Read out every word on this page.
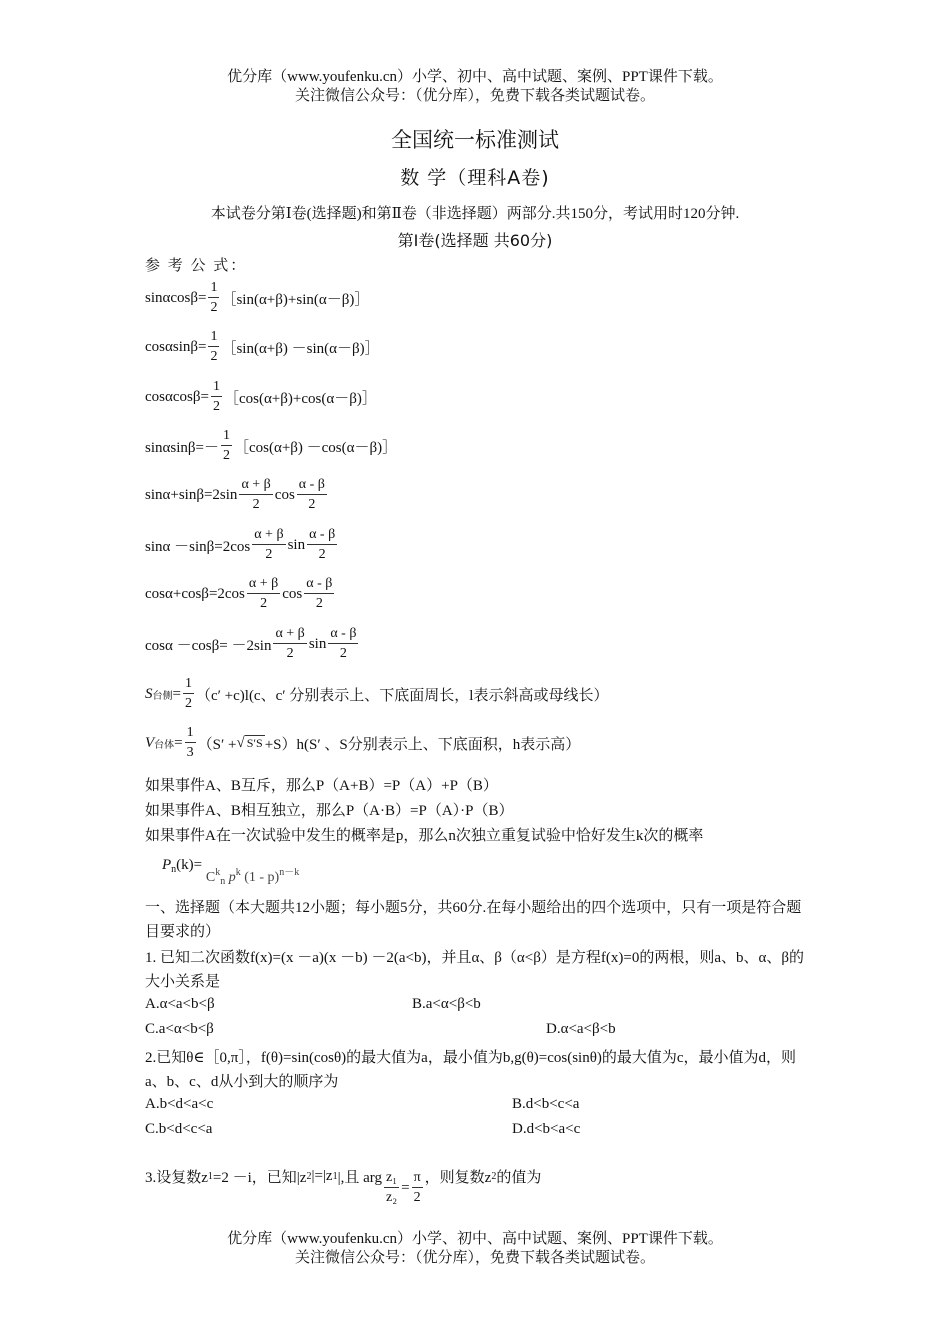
优分库（www.youfenku.cn）小学、初中、高中试题、案例、PPT课件下载。
关注微信公众号：（优分库），免费下载各类试题试卷。
全国统一标准测试
数 学（理科A卷)
本试卷分第Ⅰ卷(选择题)和第Ⅱ卷（非选择题）两部分.共150分，考试用时120分钟.
第Ⅰ卷(选择题 共60分)
参 考 公 式：
$\sin\alpha\cos\beta= \frac{1}{2}$ ［sin(α+β)+sin(α－β)］
$\cos\alpha\sin\beta= \frac{1}{2}$ ［sin(α+β) －sin(α－β)］
$\cos\alpha\cos\beta= \frac{1}{2}$ ［cos(α+β)+cos(α－β)］
$\sin\alpha\sin\beta=- \frac{1}{2}$ ［cos(α+β) －cos(α－β)］
$\sin\alpha+\sin\beta=2\sin \frac{\alpha + \beta}{2}$ $\cos \frac{\alpha - \beta}{2}$
$\sin\alpha -\sin\beta=2\cos \frac{\alpha + \beta}{2}$ $\sin \frac{\alpha - \beta}{2}$
$\cos\alpha+\cos\beta=2\cos \frac{\alpha + \beta}{2}$ $\cos \frac{\alpha - \beta}{2}$
$\cos\alpha -\cos\beta= -2\sin \frac{\alpha + \beta}{2}$ $\sin \frac{\alpha - \beta}{2}$
S 台侧 = $\frac{1}{2} (c' +c)l(c$、c′ 分别表示上、下底面周长，l表示斜高或母线长）
V 台体 = $\frac{1}{3} (S'$ + √ S′S +S）h(S′ 、S分别表示上、下底面积，h表示高）
如果事件A、B互斥，那么P（A+B）=P（A）+P（B）
如果事件A、B相互独立，那么P（A·B）=P（A）·P（B）
如果事件A在一次试验中发生的概率是p，那么n次独立重复试验中恰好发生k次的概率
$P_n(k)= C^k_n$ $p^k$ (1 - p)$^{n-k}$
一、选择题（本大题共12小题；每小题5分，共60分.在每小题给出的四个选项中，只有一项是符合题目要求的）
1. 已知二次函数f(x)=(x －a)(x －b) －2(a<b)，并且α、β（α<β）是方程f(x)=0的两根，则a、b、α、β的大小关系是
A.α<a<b<β	B.a<α<β<b
C.a<α<b<β	D.α<a<β<b
2.已知θ∈［0,π］，f(θ)=sin(cosθ)的最大值为a，最小值为b,g(θ)=cos(sinθ)的最大值为c，最小值为d，则a、b、c、d从小到大的顺序为
A.b<d<a<c	B.d<b<c<a
C.b<d<c<a	D.d<b<a<c
3.设复数z 1 =2 －i，已知|z 2 |=|z 1 |,且 arg $\frac{\text{z₁}}{\text{z₂}} = \frac{\pi}{2}$ ，则复数z 2 的值为
优分库（www.youfenku.cn）小学、初中、高中试题、案例、PPT课件下载。
关注微信公众号：（优分库），免费下载各类试题试卷。
